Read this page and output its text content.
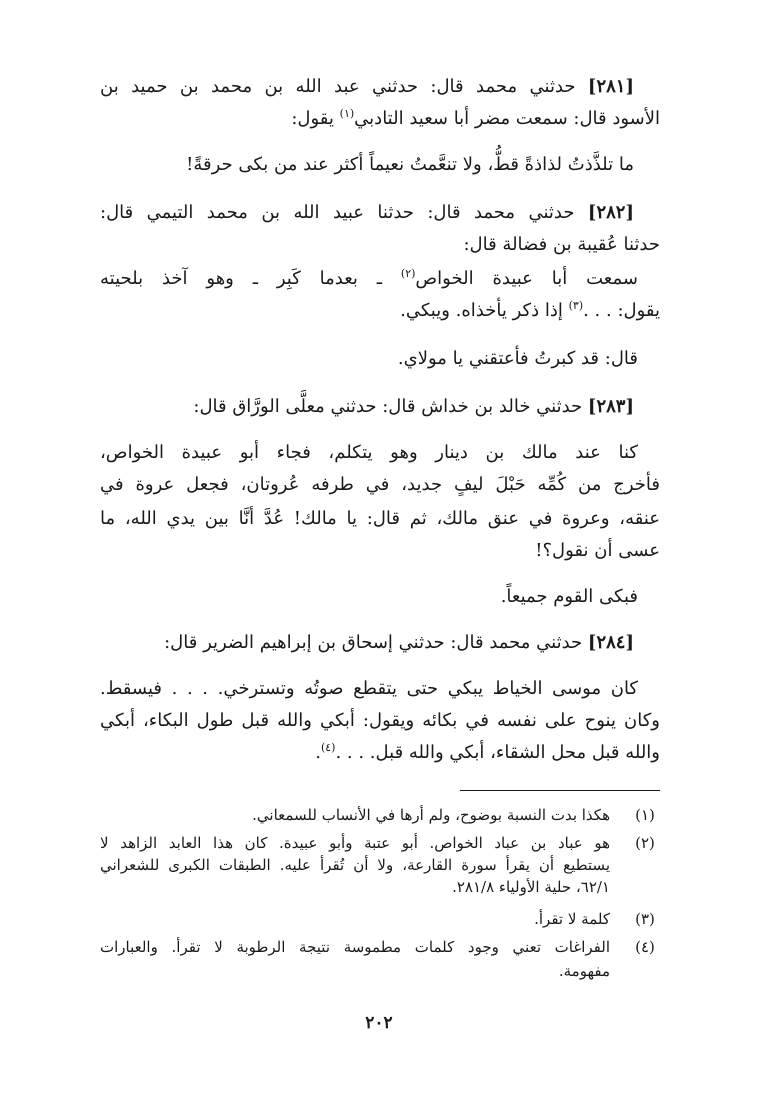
[٢٨١] حدثني محمد قال: حدثني عبد الله بن محمد بن حميد بن
الأسود قال: سمعت مضر أبا سعيد التادبي$^{(١)}$ يقول:
ما تلذَّذتُ لذاذةً قطُّ، ولا تنعَّمتُ نعيماً أكثر عند من بكى حرقةً!
[٢٨٢] حدثني محمد قال: حدثنا عبيد الله بن محمد التيمي قال:
حدثنا عُقيبة بن فضالة قال:
سمعت أبا عبيدة الخواص$^{(٢)}$ ـ بعدما كَبِر ـ وهو آخذ بلحيته
يقول: . . .$^{(٣)}$ إذا ذكر يأخذاه. ويبكي.
قال: قد كبرتُ فأعتقني يا مولاي.
[٢٨٣] حدثني خالد بن خداش قال: حدثني معلَّى الورَّاق قال:
كنا عند مالك بن دينار وهو يتكلم، فجاء أبو عبيدة الخواص،
فأخرج من كُمِّه حَبْلَ ليفٍ جديد، في طرفه عُروتان، فجعل عروة في
عنقه، وعروة في عنق مالك، ثم قال: يا مالك! عُدَّ أنَّا بين يدي الله، ما
عسى أن نقول؟!
فبكى القوم جميعاً.
[٢٨٤] حدثني محمد قال: حدثني إسحاق بن إبراهيم الضرير قال:
كان موسى الخياط يبكي حتى يتقطع صوتُه وتسترخي. . . . فيسقط.
وكان ينوح على نفسه في بكائه ويقول: أبكي والله قبل طول البكاء، أبكي
والله قبل محل الشقاء، أبكي والله قبل. . . .$^{(٤)}$.
(١)
هكذا بدت النسبة بوضوح، ولم أرها في الأنساب للسمعاني.
(٢)
هو عباد بن عباد الخواص. أبو عتبة وأبو عبيدة. كان هذا العابد الزاهد لا
يستطيع أن يقرأ سورة القارعة، ولا أن تُقرأ عليه. الطبقات الكبرى للشعراني
٦٢/١، حلية الأولياء ٢٨١/٨.
(٣)
كلمة لا تقرأ.
(٤)
الفراغات تعني وجود كلمات مطموسة نتيجة الرطوبة لا تقرأ. والعبارات
مفهومة.
٢٠٢
